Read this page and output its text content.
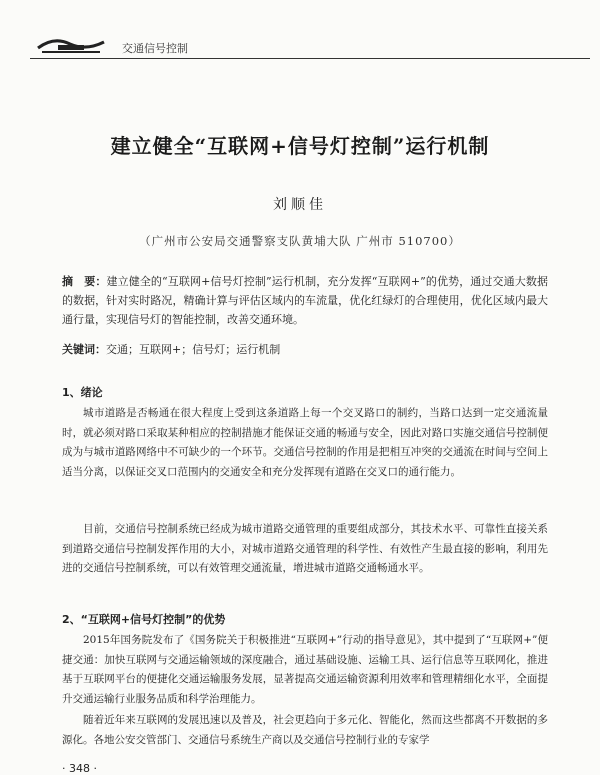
交通信号控制
建立健全“互联网+信号灯控制”运行机制
刘顺佳
（广州市公安局交通警察支队黄埔大队 广州市 510700）
摘　要：建立健全的“互联网+信号灯控制”运行机制，充分发挥“互联网+”的优势，通过交通大数据的数据，针对实时路况，精确计算与评估区域内的车流量，优化红绿灯的合理使用，优化区域内最大通行量，实现信号灯的智能控制，改善交通环境。
关键词：交通；互联网+；信号灯；运行机制
1、绪论
城市道路是否畅通在很大程度上受到这条道路上每一个交叉路口的制约，当路口达到一定交通流量时，就必须对路口采取某种相应的控制措施才能保证交通的畅通与安全，因此对路口实施交通信号控制便成为与城市道路网络中不可缺少的一个环节。交通信号控制的作用是把相互冲突的交通流在时间与空间上适当分离，以保证交叉口范围内的交通安全和充分发挥现有道路在交叉口的通行能力。
目前，交通信号控制系统已经成为城市道路交通管理的重要组成部分，其技术水平、可靠性直接关系到道路交通信号控制发挥作用的大小，对城市道路交通管理的科学性、有效性产生最直接的影响，利用先进的交通信号控制系统，可以有效管理交通流量，增进城市道路交通畅通水平。
2、“互联网+信号灯控制”的优势
2015年国务院发布了《国务院关于积极推进“互联网+”行动的指导意见》，其中提到了“互联网+”便捷交通：加快互联网与交通运输领域的深度融合，通过基础设施、运输工具、运行信息等互联网化，推进基于互联网平台的便捷化交通运输服务发展，显著提高交通运输资源利用效率和管理精细化水平，全面提升交通运输行业服务品质和科学治理能力。
随着近年来互联网的发展迅速以及普及，社会更趋向于多元化、智能化，然而这些都离不开数据的多源化。各地公安交管部门、交通信号系统生产商以及交通信号控制行业的专家学
· 348 ·
